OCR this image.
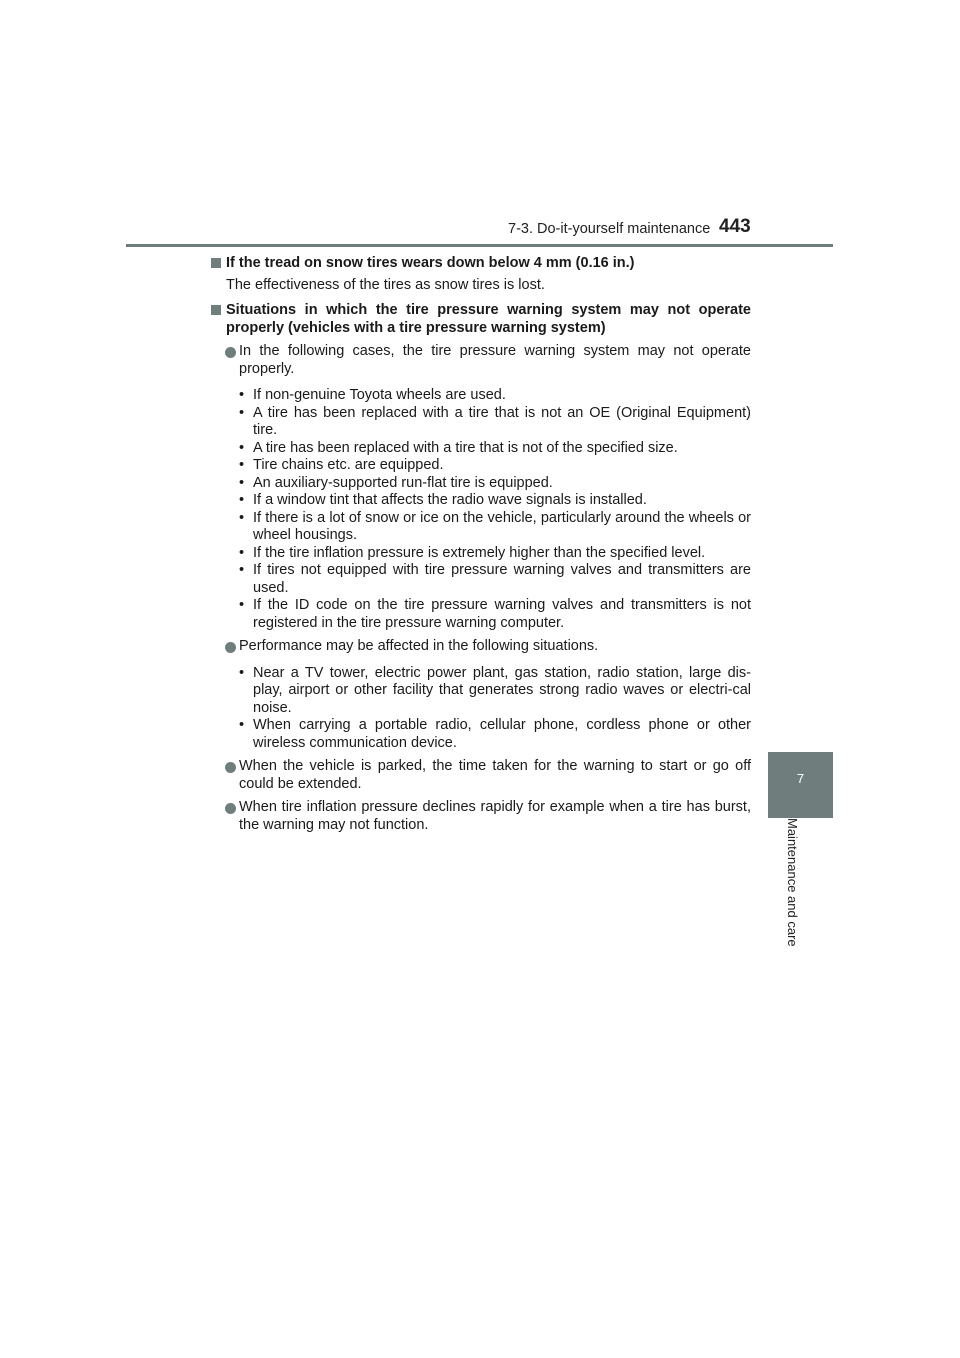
7-3. Do-it-yourself maintenance 443
7
Maintenance and care
If the tread on snow tires wears down below 4 mm (0.16 in.)
The effectiveness of the tires as snow tires is lost.
Situations in which the tire pressure warning system may not operate properly (vehicles with a tire pressure warning system)
In the following cases, the tire pressure warning system may not operate properly.
• If non-genuine Toyota wheels are used.
• A tire has been replaced with a tire that is not an OE (Original Equipment) tire.
• A tire has been replaced with a tire that is not of the specified size.
• Tire chains etc. are equipped.
• An auxiliary-supported run-flat tire is equipped.
• If a window tint that affects the radio wave signals is installed.
• If there is a lot of snow or ice on the vehicle, particularly around the wheels or wheel housings.
• If the tire inflation pressure is extremely higher than the specified level.
• If tires not equipped with tire pressure warning valves and transmitters are used.
• If the ID code on the tire pressure warning valves and transmitters is not registered in the tire pressure warning computer.
Performance may be affected in the following situations.
• Near a TV tower, electric power plant, gas station, radio station, large dis-play, airport or other facility that generates strong radio waves or electri-cal noise.
• When carrying a portable radio, cellular phone, cordless phone or other wireless communication device.
When the vehicle is parked, the time taken for the warning to start or go off could be extended.
When tire inflation pressure declines rapidly for example when a tire has burst, the warning may not function.
